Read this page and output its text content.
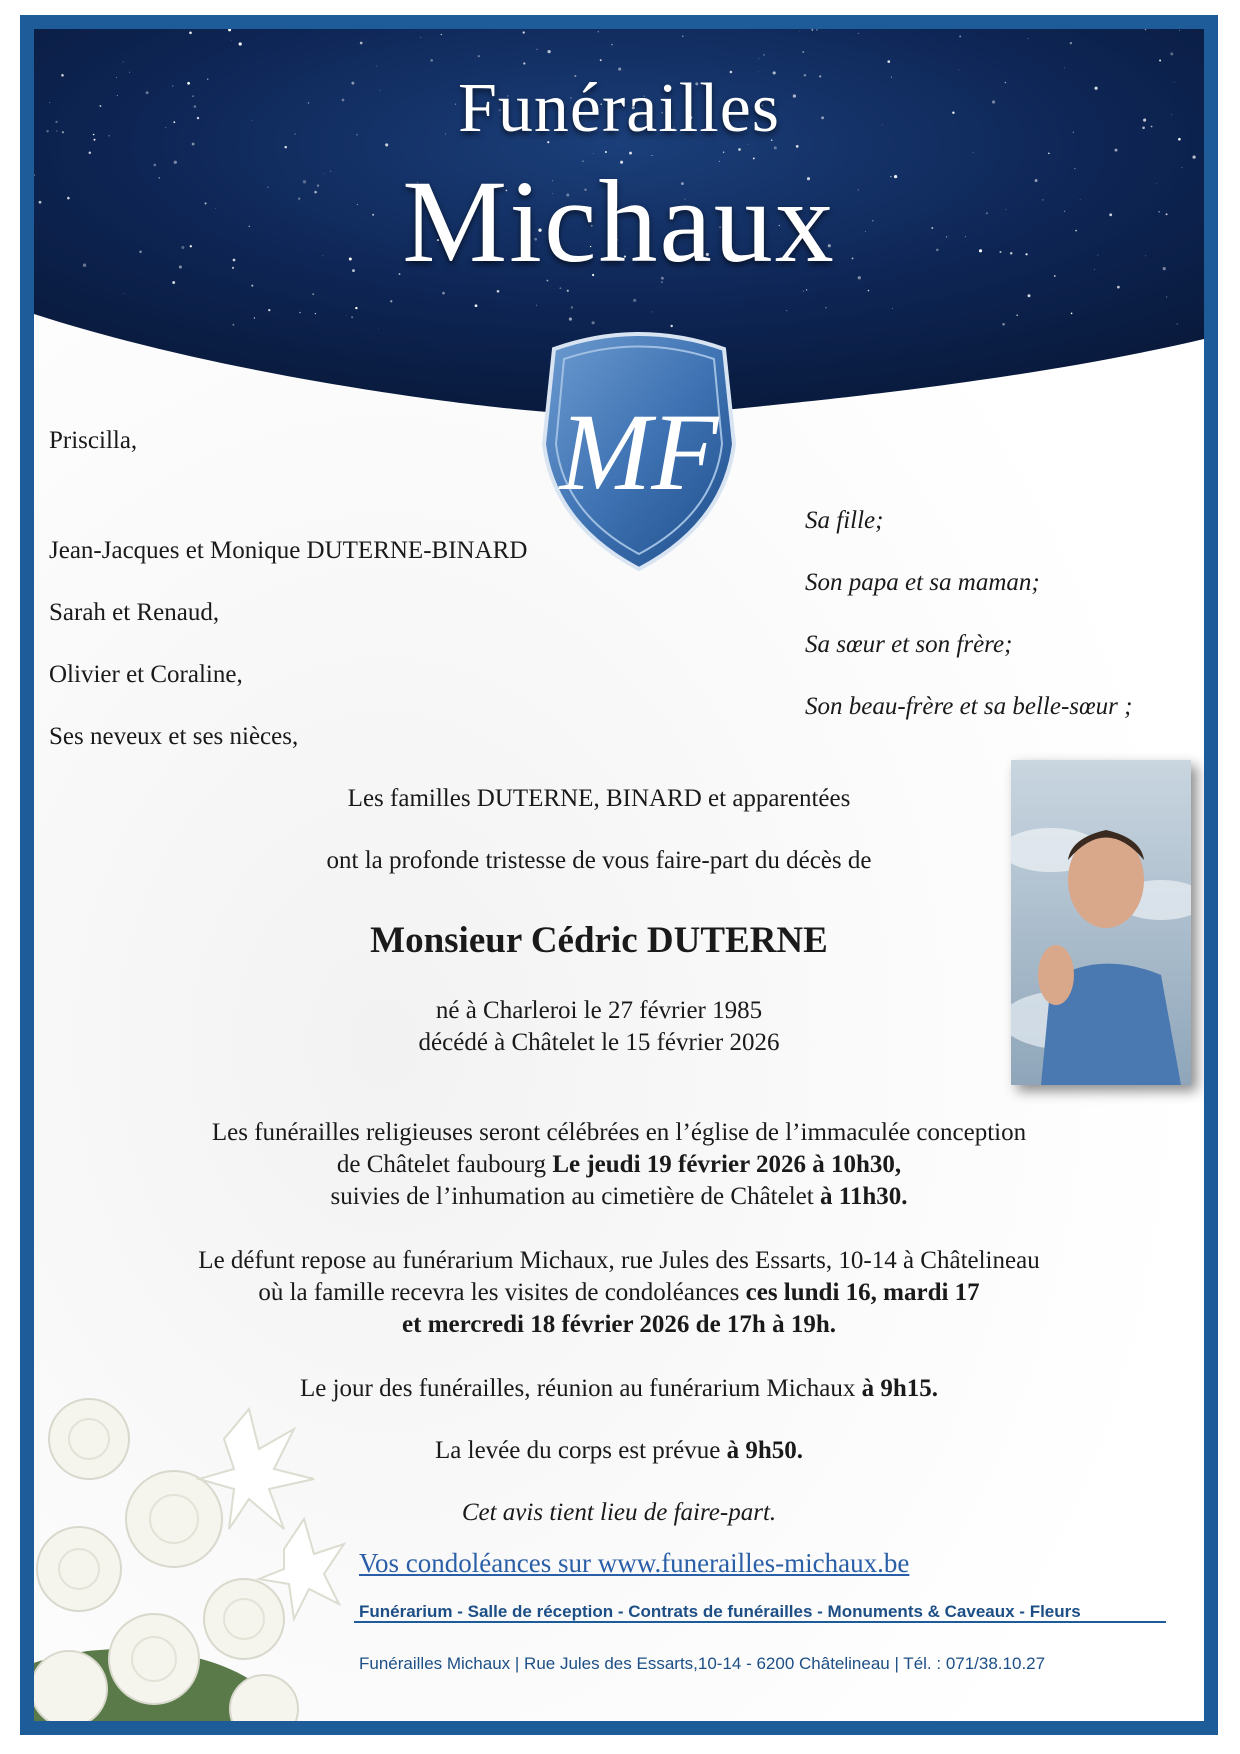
Funérailles
Michaux
MF
Priscilla,
Jean-Jacques et Monique DUTERNE-BINARD
Sarah et Renaud,
Olivier et Coraline,
Ses neveux et ses nièces,
Sa fille;
Son papa et sa maman;
Sa sœur et son frère;
Son beau-frère et sa belle-sœur ;
Les familles DUTERNE, BINARD et apparentées
ont la profonde tristesse de vous faire-part du décès de
Monsieur Cédric DUTERNE
né à Charleroi le 27 février 1985
décédé à Châtelet le 15 février 2026
Les funérailles religieuses seront célébrées en l’église de l’immaculée conception
de Châtelet faubourg Le jeudi 19 février 2026 à 10h30,
suivies de l’inhumation au cimetière de Châtelet à 11h30.
Le défunt repose au funérarium Michaux, rue Jules des Essarts, 10-14 à Châtelineau
où la famille recevra les visites de condoléances ces lundi 16, mardi 17
et mercredi 18 février 2026 de 17h à 19h.
Le jour des funérailles, réunion au funérarium Michaux à 9h15.
La levée du corps est prévue à 9h50.
Cet avis tient lieu de faire-part.
Vos condoléances sur www.funerailles-michaux.be
Funérarium - Salle de réception - Contrats de funérailles - Monuments & Caveaux - Fleurs
Funérailles Michaux | Rue Jules des Essarts,10-14 - 6200 Châtelineau | Tél. : 071/38.10.27
